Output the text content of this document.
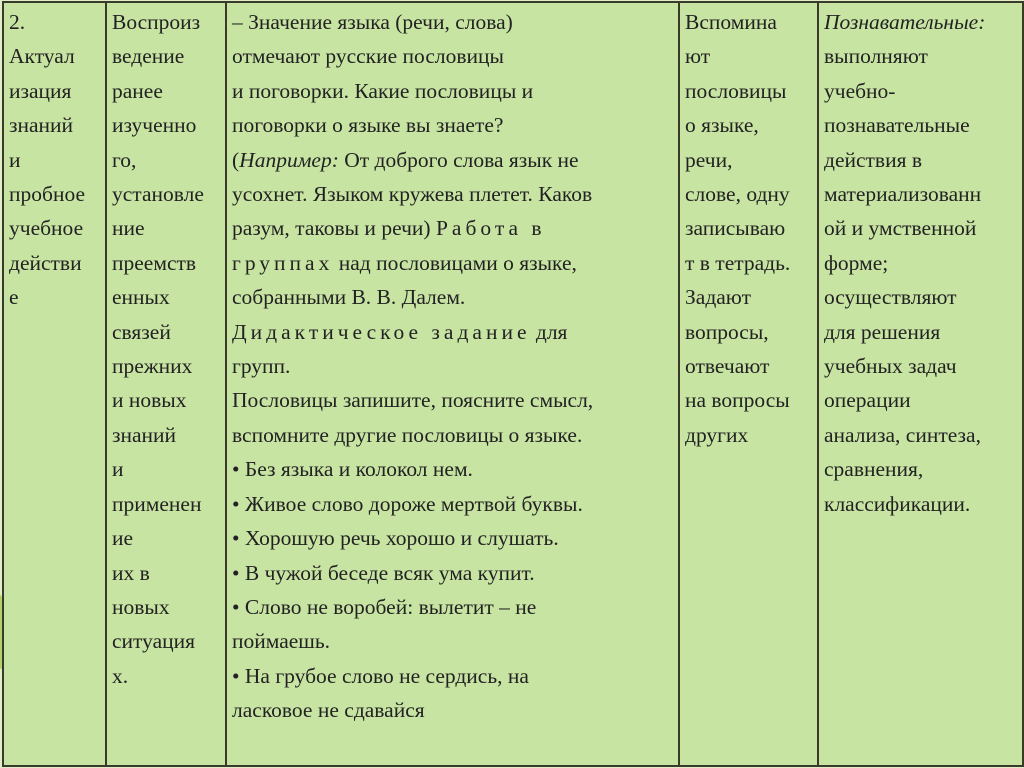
2.
Актуал
изация
знаний
и
пробное
учебное
действи
е

Воспроиз
ведение
ранее
изученно
го,
установле
ние
преемств
енных
связей
прежних
и новых
знаний
и
применен
ие
их в
новых
ситуация
х.

– Значение языка (речи, слова)
отмечают русские пословицы
и поговорки. Какие пословицы и
поговорки о языке вы знаете?
(Например: От доброго слова язык не
усохнет. Языком кружева плетет. Каков
разум, таковы и речи) Работа в
группах над пословицами о языке,
собранными В. В. Далем.
Дидактическое задание для
групп.
Пословицы запишите, поясните смысл,
вспомните другие пословицы о языке.
• Без языка и колокол нем.
• Живое слово дороже мертвой буквы.
• Хорошую речь хорошо и слушать.
• В чужой беседе всяк ума купит.
• Слово не воробей: вылетит – не
поймаешь.
• На грубое слово не сердись, на
ласковое не сдавайся

Вспомина
ют
пословицы
о языке,
речи,
слове, одну
записываю
т в тетрадь.
Задают
вопросы,
отвечают
на вопросы
других

Познавательные:
выполняют
учебно-
познавательные
действия в
материализованн
ой и умственной
форме;
осуществляют
для решения
учебных задач
операции
анализа, синтеза,
сравнения,
классификации.
